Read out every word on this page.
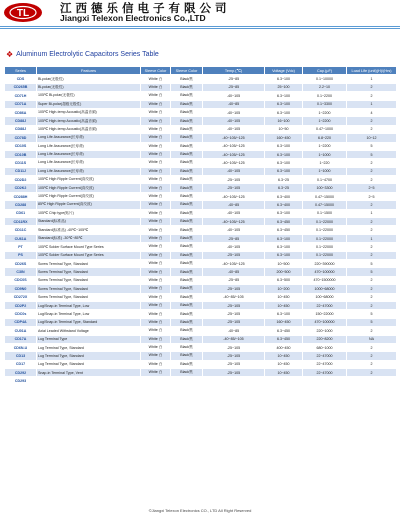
TL	江西德乐信电子有限公司
Jiangxi Telexon Electronics Co.,LTD
❖ Aluminum Electrolytic Capacitors Series Table
Series	Features	Sleeve Color	Sleeve Color	Temp.(℃)	Voltage (Vdc)	Cap.(μF)	Load Life (unit)(H)/(Hrs)
CDS	Bi-polar(无极性)	White 白	Black黑	-25~85	6.3~100	0.1~10000	1
CD265B	Bi-polar(无极性)	White 白	Black黑	-25~85	25~100	2.2~10	2
CD71H	105℃ Bi-polar(无极性)	White 白	Black黑	-40~105	6.3~100	0.1~2200	2
CD71A	Super Bi-polar(超级无极性)	White 白	Black黑	-40~85	6.3~100	0.1~3300	1
CD86A	105℃ High-temp Acoustic(高温音频)	White 白	Black黑	-40~105	6.3~100	1~2200	4
CD88J	105℃ High-temp Acoustic(高温音频)	White 白	Black黑	-40~105	16~100	1~2200	2
CD88J	105℃ High-temp Acoustic(高温音频)	White 白	Black黑	-40~105	10~50	0.47~1000	2
CD78D	Long Life Assurance(长寿命)	White 白	Black黑	-40~105/~125	160~450	6.8~220	10~12
CD10S	Long Life Assurance(长寿命)	White 白	Black黑	-40~105/~125	6.3~100	1~2200	5
CD10B	Long Life Assurance(长寿命)	White 白	Black黑	-40~105/~125	6.3~100	1~1000	5
CD11S	Long Life Assurance(长寿命)	White 白	Black黑	-40~105/~125	6.3~100	1~220	2
CD11J	Long Life Assurance(长寿命)	White 白	Black黑	-40~105	6.3~100	1~1000	2
CD2D2	105℃ High Ripple Current(高纹波)	White 白	Black黑	-25~105	6.3~25	0.1~4700	2
CD2K2	105℃ High Ripple Current(高纹波)	White 白	Black黑	-25~105	6.3~25	100~3300	2~5
CD288H	105℃ High Ripple Current(高纹波)	White 白	Black黑	-40~105/~125	6.3~400	0.47~15000	2~5
CD288	85℃ High Ripple Current(高纹波)	White 白	Black黑	-40~85	6.3~400	0.47~15000	2
CD61	105℃ Chip type(贴片)	White 白	Black黑	-40~105	6.3~100	0.1~1500	1
CD11RX	Standard(标准品)	White 白	Black黑	-40~105/~125	6.3~450	0.1~22000	2
CD11C	Standard(标准品) -40℃~105℃	White 白	Black黑	-40~105	6.3~450	0.1~22000	2
CU61A	Standard(标准) -30℃~85℃	White 白	Black黑	-25~85	6.3~100	0.1~22000	1
PT	105℃ Solder Surface Mount Type Series	White 白	Black黑	-40~105	6.3~100	0.1~22000	2
PS	105℃ Solder Surface Mount Type Series	White 白	Black黑	-25~105	6.3~100	0.1~22000	2
CD26S	Screw Terminal Type, Standard	White 白	Black黑	-40~105/~125	10~500	220~390000	5
C3IN	Screw Terminal Type, Standard	White 白	Black黑	-40~85	200~500	470~100000	5
CDC0S	Screw Terminal Type, Standard	White 白	Black黑	-25~85	6.3~500	470~1500000	2
CD9N0	Screw Terminal Type, Standard	White 白	Black黑	-25~105	10~200	1000~68000	2
CD272X	Screw Terminal Type, Standard	White 白	Black黑	-40~85/~105	10~450	100~68000	2
CD2P2	Lug/Snap-in Terminal Type, Low	White 白	Black黑	-25~105	10~450	22~47000	2
CDC0s	Lug/Snap-in Terminal Type, Low	White 白	Black黑	-25~105	6.3~100	150~22000	5
CDP4A	Lug/Snap-in Terminal Type, Standard	White 白	Black黑	-25~105	160~450	470~100000	5
CU01A	Axial Leaded Withstand Voltage	White 白	Black黑	-40~85	6.3~450	220~1000	2
CD17A	Lug Terminal Type	White 白	Black黑	-40~85/~105	6.3~450	220~8200	NA
CD6N-U	Lug Terminal Type, Standard	White 白	Black黑	-25~105	400~450	680~1000	2
CD13	Lug Terminal Type, Standard	White 白	Black黑	-25~105	10~450	22~47000	2
CD17	Lug Terminal Type, Standard	White 白	Black黑	-25~105	10~450	22~47000	2
CD292	Snap-in Terminal Type, Vent	White 白	Black黑	-25~105	10~450	22~47000	2
CD293							
©Jiangxi Telexon Electronics CO., LTD All Right Reserved
